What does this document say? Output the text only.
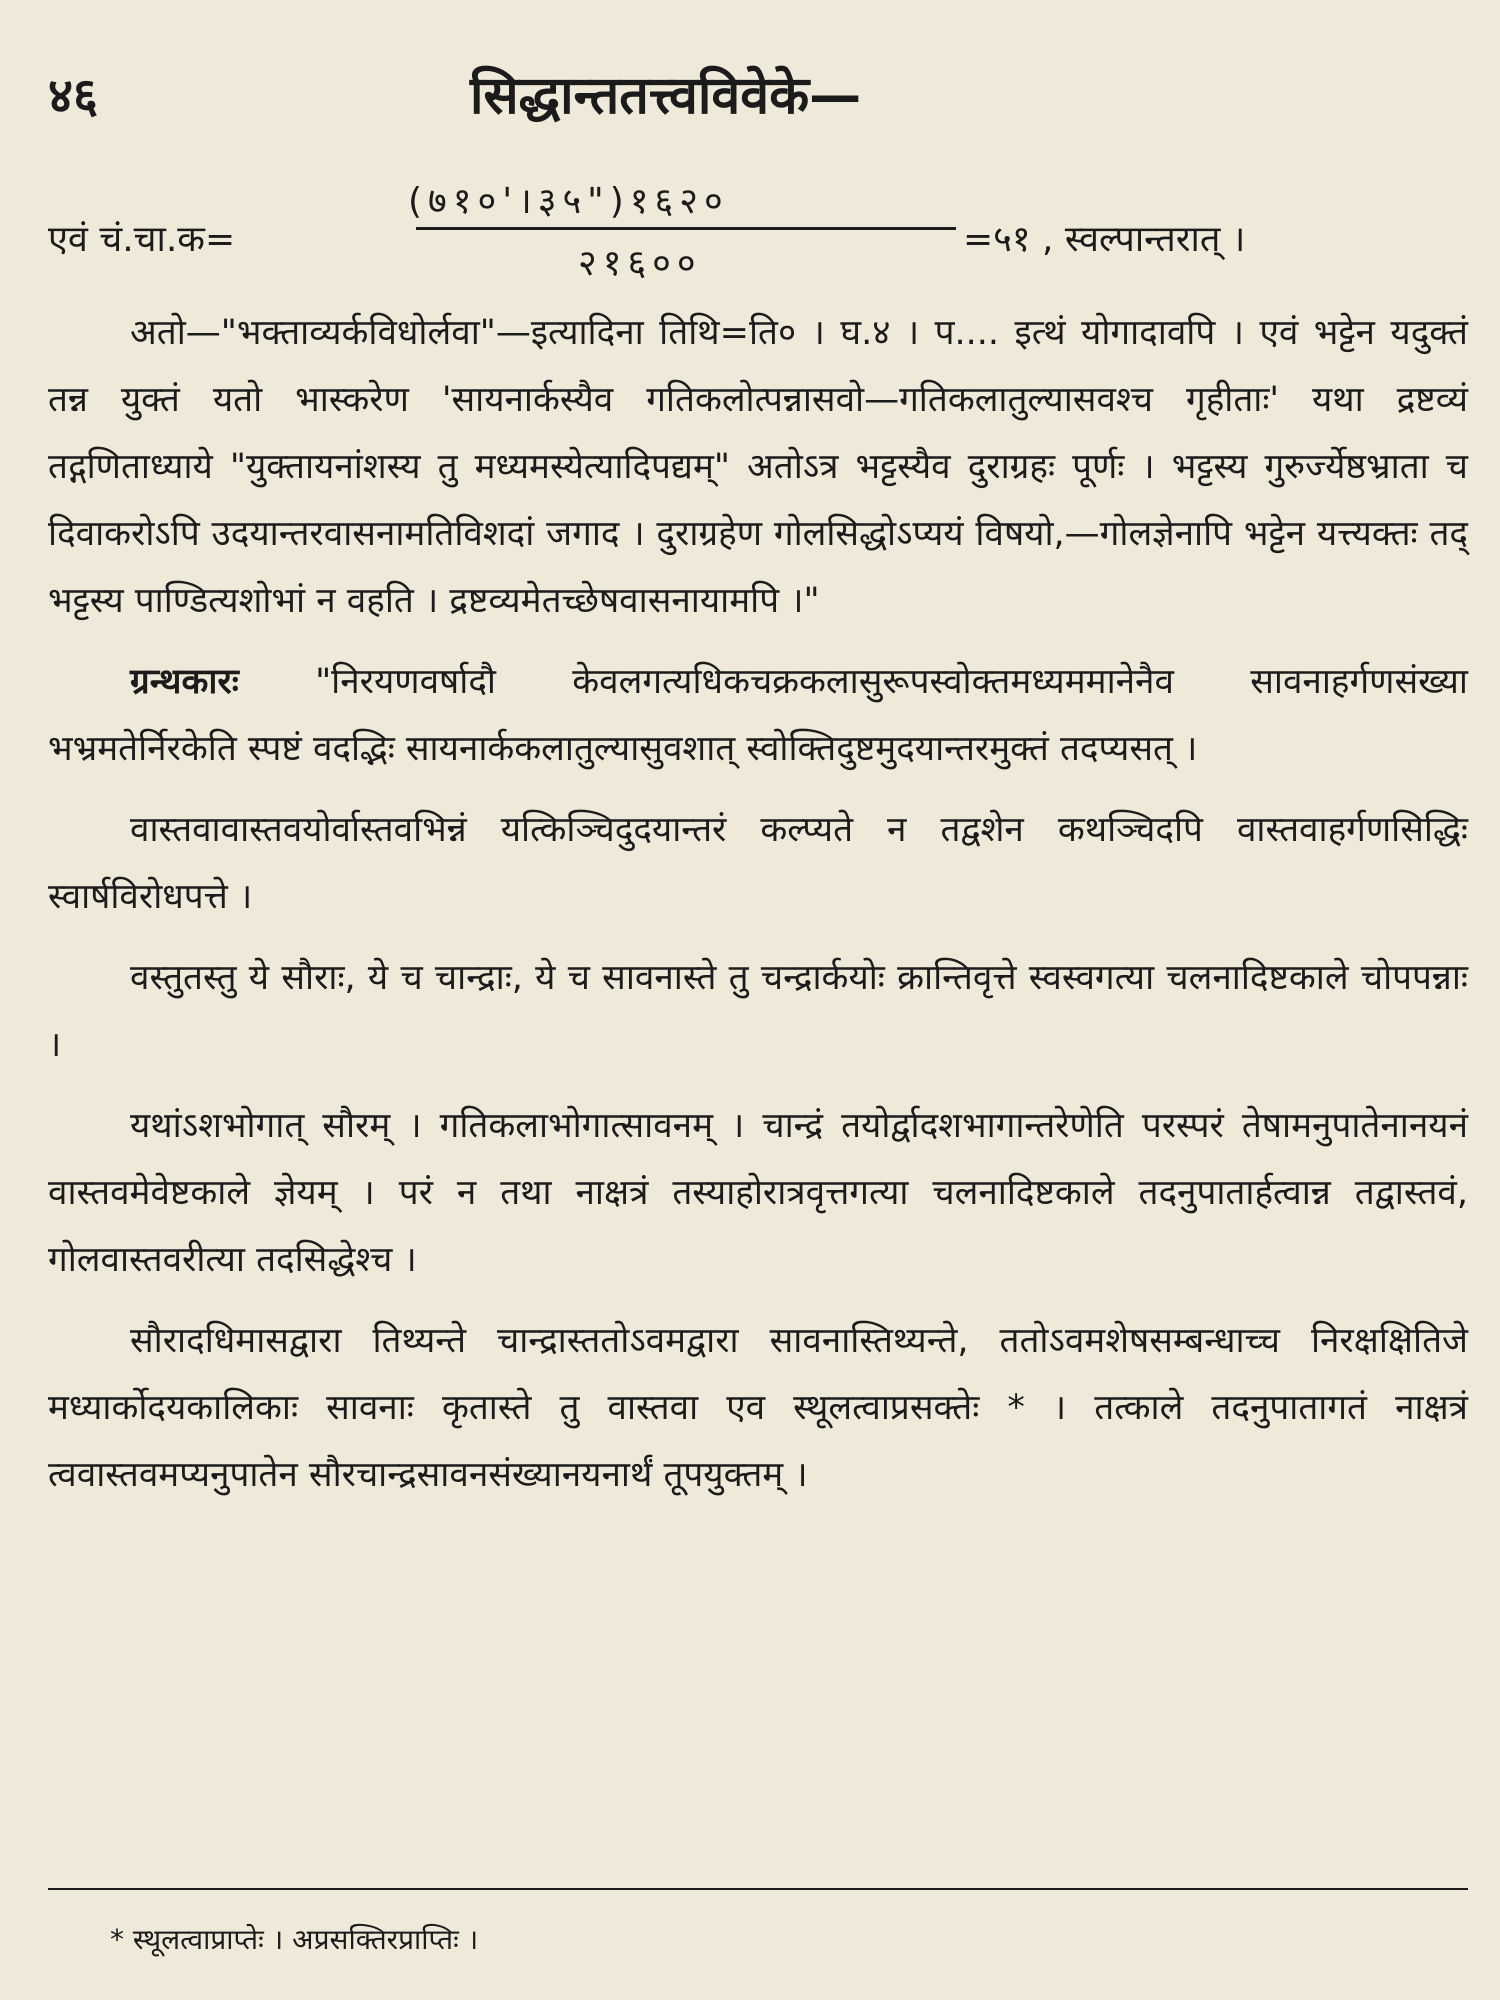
४६	सिद्धान्ततत्त्वविवेके—
एवं चं.चा.क=
(७१०'।३५")१६२०
२१६००
=५१ , स्वल्पान्तरात् ।

अतो—"भक्ताव्यर्कविधोर्लवा"—इत्यादिना तिथि=ति० । घ.४ । प.... इत्थं योगादावपि । एवं भट्टेन यदुक्तं तन्न युक्तं यतो भास्करेण 'सायनार्कस्यैव गतिकलोत्पन्नासवो—गतिकलातुल्यासवश्च गृहीताः' यथा द्रष्टव्यं तद्गणिताध्याये "युक्तायनांशस्य तु मध्यमस्येत्यादिपद्यम्" अतोऽत्र भट्टस्यैव दुराग्रहः पूर्णः । भट्टस्य गुरुर्ज्येष्ठभ्राता च दिवाकरोऽपि उदयान्तरवासनामतिविशदां जगाद । दुराग्रहेण गोलसिद्धोऽप्ययं विषयो,—गोलज्ञेनापि भट्टेन यत्त्यक्तः तद् भट्टस्य पाण्डित्यशोभां न वहति । द्रष्टव्यमेतच्छेषवासनायामपि ।"

ग्रन्थकारः "निरयणवर्षादौ केवलगत्यधिकचक्रकलासुरूपस्वोक्तमध्यममानेनैव सावनाहर्गणसंख्या भभ्रमतेर्निरकेति स्पष्टं वदद्भिः सायनार्ककलातुल्यासुवशात् स्वोक्तिदुष्टमुदयान्तरमुक्तं तदप्यसत् ।

वास्तवावास्तवयोर्वास्तवभिन्नं यत्किञ्चिदुदयान्तरं कल्प्यते न तद्वशेन कथञ्चिदपि वास्तवाहर्गणसिद्धिः स्वार्षविरोधपत्ते ।

वस्तुतस्तु ये सौराः, ये च चान्द्राः, ये च सावनास्ते तु चन्द्रार्कयोः क्रान्तिवृत्ते स्वस्वगत्या चलनादिष्टकाले चोपपन्नाः ।

यथांऽशभोगात् सौरम् । गतिकलाभोगात्सावनम् । चान्द्रं तयोर्द्वादशभागान्तरेणेति परस्परं तेषामनुपातेनानयनं वास्तवमेवेष्टकाले ज्ञेयम् । परं न तथा नाक्षत्रं तस्याहोरात्रवृत्तगत्या चलनादिष्टकाले तदनुपातार्हत्वान्न तद्वास्तवं, गोलवास्तवरीत्या तदसिद्धेश्च ।

सौरादधिमासद्वारा तिथ्यन्ते चान्द्रास्ततोऽवमद्वारा सावनास्तिथ्यन्ते, ततोऽवमशेषसम्बन्धाच्च निरक्षक्षितिजे मध्यार्कोदयकालिकाः सावनाः कृतास्ते तु वास्तवा एव स्थूलत्वाप्रसक्तेः * । तत्काले तदनुपातागतं नाक्षत्रं त्ववास्तवमप्यनुपातेन सौरचान्द्रसावनसंख्यानयनार्थं तूपयुक्तम् ।

* स्थूलत्वाप्राप्तेः । अप्रसक्तिरप्राप्तिः ।
